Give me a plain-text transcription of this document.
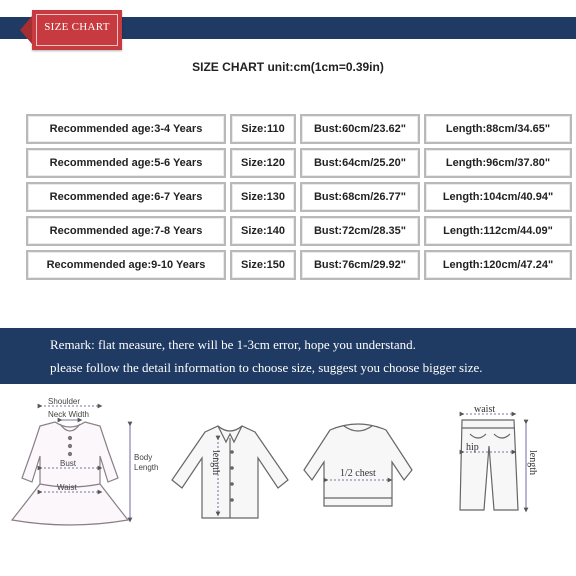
SIZE CHART
SIZE CHART unit:cm(1cm=0.39in)
Recommended age:3-4 Years	Size:110	Bust:60cm/23.62"	Length:88cm/34.65"
Recommended age:5-6 Years	Size:120	Bust:64cm/25.20"	Length:96cm/37.80"
Recommended age:6-7 Years	Size:130	Bust:68cm/26.77"	Length:104cm/40.94"
Recommended age:7-8 Years	Size:140	Bust:72cm/28.35"	Length:112cm/44.09"
Recommended age:9-10 Years	Size:150	Bust:76cm/29.92"	Length:120cm/47.24"
Remark: flat measure, there will be 1-3cm error, hope you understand.
please follow the detail information to choose size, suggest you choose bigger size.
Shoulder
Neck Width
Bust
Waist
Body
Length	length	1/2 chest
waist
hip
length
